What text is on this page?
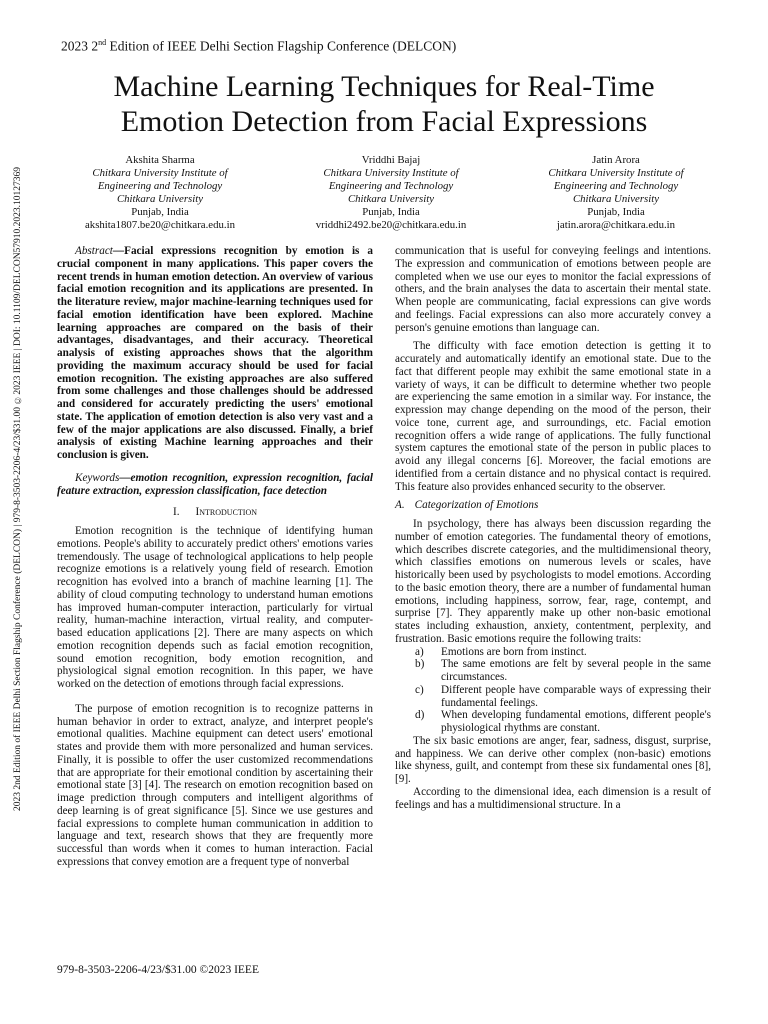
2023 2nd Edition of IEEE Delhi Section Flagship Conference (DELCON)
Machine Learning Techniques for Real-Time
Emotion Detection from Facial Expressions
2023 2nd Edition of IEEE Delhi Section Flagship Conference (DELCON) | 979-8-3503-2206-4/23/$31.00 ©2023 IEEE | DOI: 10.1109/DELCON57910.2023.10127369
Akshita Sharma
Chitkara University Institute of
Engineering and Technology
Chitkara University
Punjab, India
akshita1807.be20@chitkara.edu.in
Vriddhi Bajaj
Chitkara University Institute of
Engineering and Technology
Chitkara University
Punjab, India
vriddhi2492.be20@chitkara.edu.in
Jatin Arora
Chitkara University Institute of
Engineering and Technology
Chitkara University
Punjab, India
jatin.arora@chitkara.edu.in

Abstract—Facial expressions recognition by emotion is a crucial component in many applications. This paper covers the recent trends in human emotion detection. An overview of various facial emotion recognition and its applications are presented. In the literature review, major machine-learning techniques used for facial emotion identification have been explored. Machine learning approaches are compared on the basis of their advantages, disadvantages, and their accuracy. Theoretical analysis of existing approaches shows that the algorithm providing the maximum accuracy should be used for facial emotion recognition. The existing approaches are also suffered from some challenges and those challenges should be addressed and considered for accurately predicting the users' emotional state. The application of emotion detection is also very vast and a few of the major applications are also discussed. Finally, a brief analysis of existing Machine learning approaches and their conclusion is given.

Keywords—emotion recognition, expression recognition, facial feature extraction, expression classification, face detection

I. Introduction

Emotion recognition is the technique of identifying human emotions. People's ability to accurately predict others' emotions varies tremendously. The usage of technological applications to help people recognize emotions is a relatively young field of research. Emotion recognition has evolved into a branch of machine learning [1]. The ability of cloud computing technology to understand human emotions has improved human-computer interaction, particularly for virtual reality, human-machine interaction, virtual reality, and computer-based education applications [2]. There are many aspects on which emotion recognition depends such as facial emotion recognition, sound emotion recognition, body emotion recognition, and physiological signal emotion recognition. In this paper, we have worked on the detection of emotions through facial expressions.

The purpose of emotion recognition is to recognize patterns in human behavior in order to extract, analyze, and interpret people's emotional qualities. Machine equipment can detect users' emotional states and provide them with more personalized and human services. Finally, it is possible to offer the user customized recommendations that are appropriate for their emotional condition by ascertaining their emotional state [3] [4]. The research on emotion recognition based on image prediction through computers and intelligent algorithms of deep learning is of great significance [5]. Since we use gestures and facial expressions to complete human communication in addition to language and text, research shows that they are frequently more successful than words when it comes to human interaction. Facial expressions that convey emotion are a frequent type of nonverbal

communication that is useful for conveying feelings and intentions. The expression and communication of emotions between people are completed when we use our eyes to monitor the facial expressions of others, and the brain analyses the data to ascertain their mental state. When people are communicating, facial expressions can give words and feelings. Facial expressions can also more accurately convey a person's genuine emotions than language can.

The difficulty with face emotion detection is getting it to accurately and automatically identify an emotional state. Due to the fact that different people may exhibit the same emotional state in a variety of ways, it can be difficult to determine whether two people are experiencing the same emotion in a similar way. For instance, the expression may change depending on the mood of the person, their voice tone, current age, and surroundings, etc. Facial emotion recognition offers a wide range of applications. The fully functional system captures the emotional state of the person in public places to avoid any illegal concerns [6]. Moreover, the facial emotions are identified from a certain distance and no physical contact is required. This feature also provides enhanced security to the observer.

A. Categorization of Emotions

In psychology, there has always been discussion regarding the number of emotion categories. The fundamental theory of emotions, which describes discrete categories, and the multidimensional theory, which classifies emotions on numerous levels or scales, have historically been used by psychologists to model emotions. According to the basic emotion theory, there are a number of fundamental human emotions, including happiness, sorrow, fear, rage, contempt, and surprise [7]. They apparently make up other non-basic emotional states including exhaustion, anxiety, contentment, perplexity, and frustration. Basic emotions require the following traits:

a)	Emotions are born from instinct.
b)	The same emotions are felt by several people in the same circumstances.
c)	Different people have comparable ways of expressing their fundamental feelings.
d)	When developing fundamental emotions, different people's physiological rhythms are constant.

The six basic emotions are anger, fear, sadness, disgust, surprise, and happiness. We can derive other complex (non-basic) emotions like shyness, guilt, and contempt from these six fundamental ones [8], [9].

According to the dimensional idea, each dimension is a result of feelings and has a multidimensional structure. In a

979-8-3503-2206-4/23/$31.00 ©2023 IEEE
